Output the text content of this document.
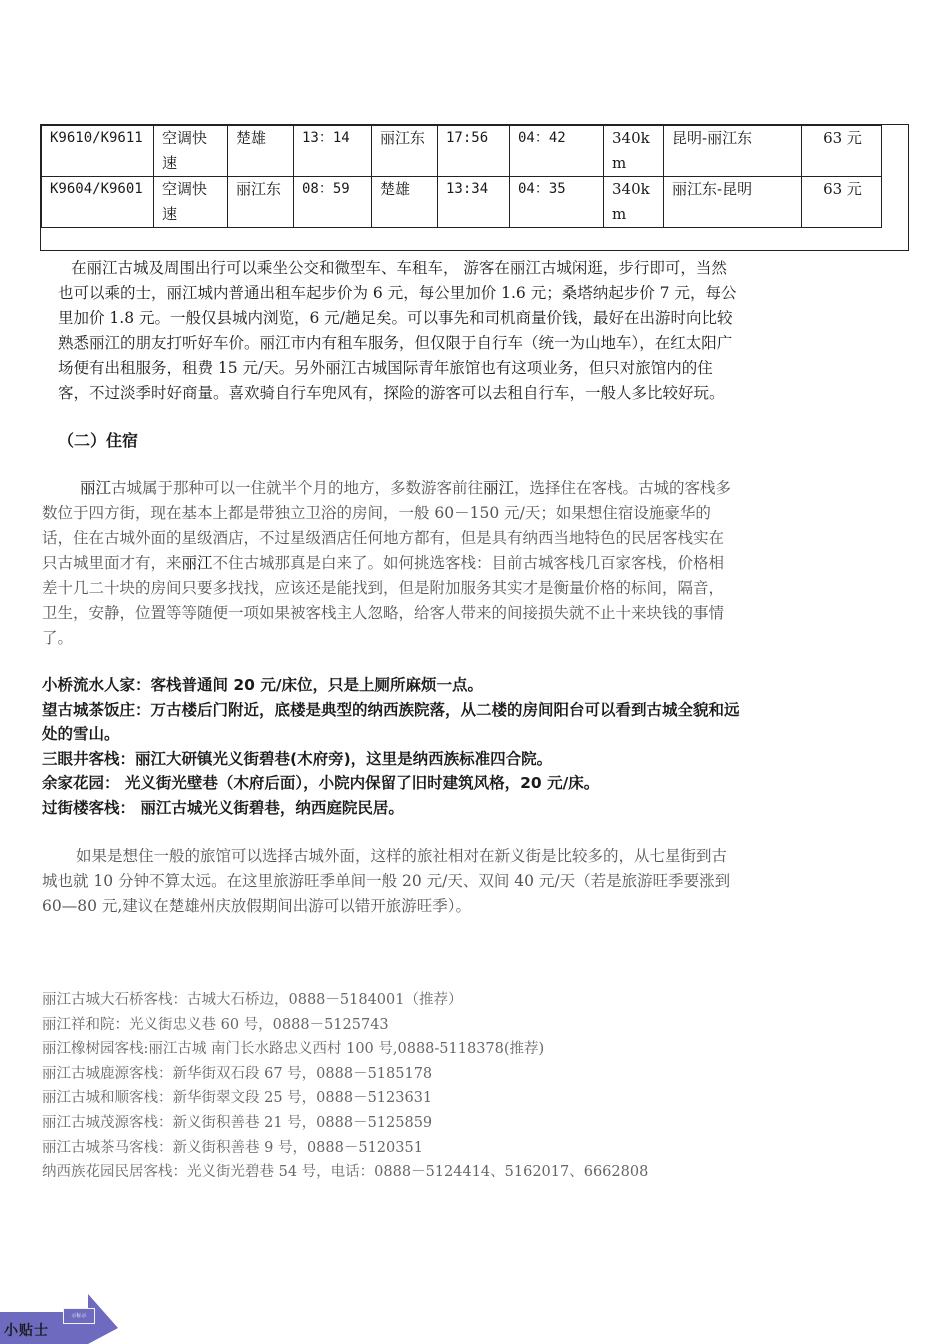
K9610/K9611	空调快速	楚雄	13：14	丽江东	17:56	04：42	340km	昆明-丽江东	63 元
K9604/K9601	空调快速	丽江东	08：59	楚雄	13:34	04：35	340km	丽江东-昆明	63 元

在丽江古城及周围出行可以乘坐公交和微型车、车租车， 游客在丽江古城闲逛，步行即可，当然也可以乘的士，丽江城内普通出租车起步价为 6 元，每公里加价 1.6 元；桑塔纳起步价 7 元，每公里加价 1.8 元。一般仅县城内浏览，6 元/趟足矣。可以事先和司机商量价钱，最好在出游时向比较熟悉丽江的朋友打听好车价。丽江市内有租车服务，但仅限于自行车（统一为山地车），在红太阳广场便有出租服务，租费 15 元/天。另外丽江古城国际青年旅馆也有这项业务，但只对旅馆内的住客，不过淡季时好商量。喜欢骑自行车兜风有，探险的游客可以去租自行车，一般人多比较好玩。

（二）住宿

丽江古城属于那种可以一住就半个月的地方，多数游客前往丽江，选择住在客栈。古城的客栈多数位于四方街，现在基本上都是带独立卫浴的房间，一般 60－150 元/天；如果想住宿设施豪华的话，住在古城外面的星级酒店，不过星级酒店任何地方都有，但是具有纳西当地特色的民居客栈实在只古城里面才有，来丽江不住古城那真是白来了。如何挑选客栈：目前古城客栈几百家客栈，价格相差十几二十块的房间只要多找找，应该还是能找到，但是附加服务其实才是衡量价格的标间，隔音，卫生，安静，位置等等随便一项如果被客栈主人忽略，给客人带来的间接损失就不止十来块钱的事情了。

小桥流水人家：客栈普通间 20 元/床位，只是上厕所麻烦一点。
望古城茶饭庄：万古楼后门附近，底楼是典型的纳西族院落，从二楼的房间阳台可以看到古城全貌和远处的雪山。
三眼井客栈：丽江大研镇光义街碧巷(木府旁)，这里是纳西族标准四合院。
余家花园： 光义街光壁巷（木府后面），小院内保留了旧时建筑风格，20 元/床。
过街楼客栈： 丽江古城光义街碧巷，纳西庭院民居。

如果是想住一般的旅馆可以选择古城外面，这样的旅社相对在新义街是比较多的，从七星街到古城也就 10 分钟不算太远。在这里旅游旺季单间一般 20 元/天、双间 40 元/天（若是旅游旺季要涨到 60—80 元,建议在楚雄州庆放假期间出游可以错开旅游旺季）。

丽江古城大石桥客栈：古城大石桥边，0888－5184001（推荐）
丽江祥和院：光义街忠义巷 60 号，0888－5125743
丽江橡树园客栈:丽江古城 南门长水路忠义西村 100 号,0888-5118378(推荐)
丽江古城鹿源客栈：新华街双石段 67 号，0888－5185178
丽江古城和顺客栈：新华街翠文段 25 号，0888－5123631
丽江古城茂源客栈：新义街积善巷 21 号，0888－5125859
丽江古城茶马客栈：新义街积善巷 9 号，0888－5120351
纳西族花园民居客栈：光义街光碧巷 54 号，电话：0888－5124414、5162017、6662808
示标示
小贴士
